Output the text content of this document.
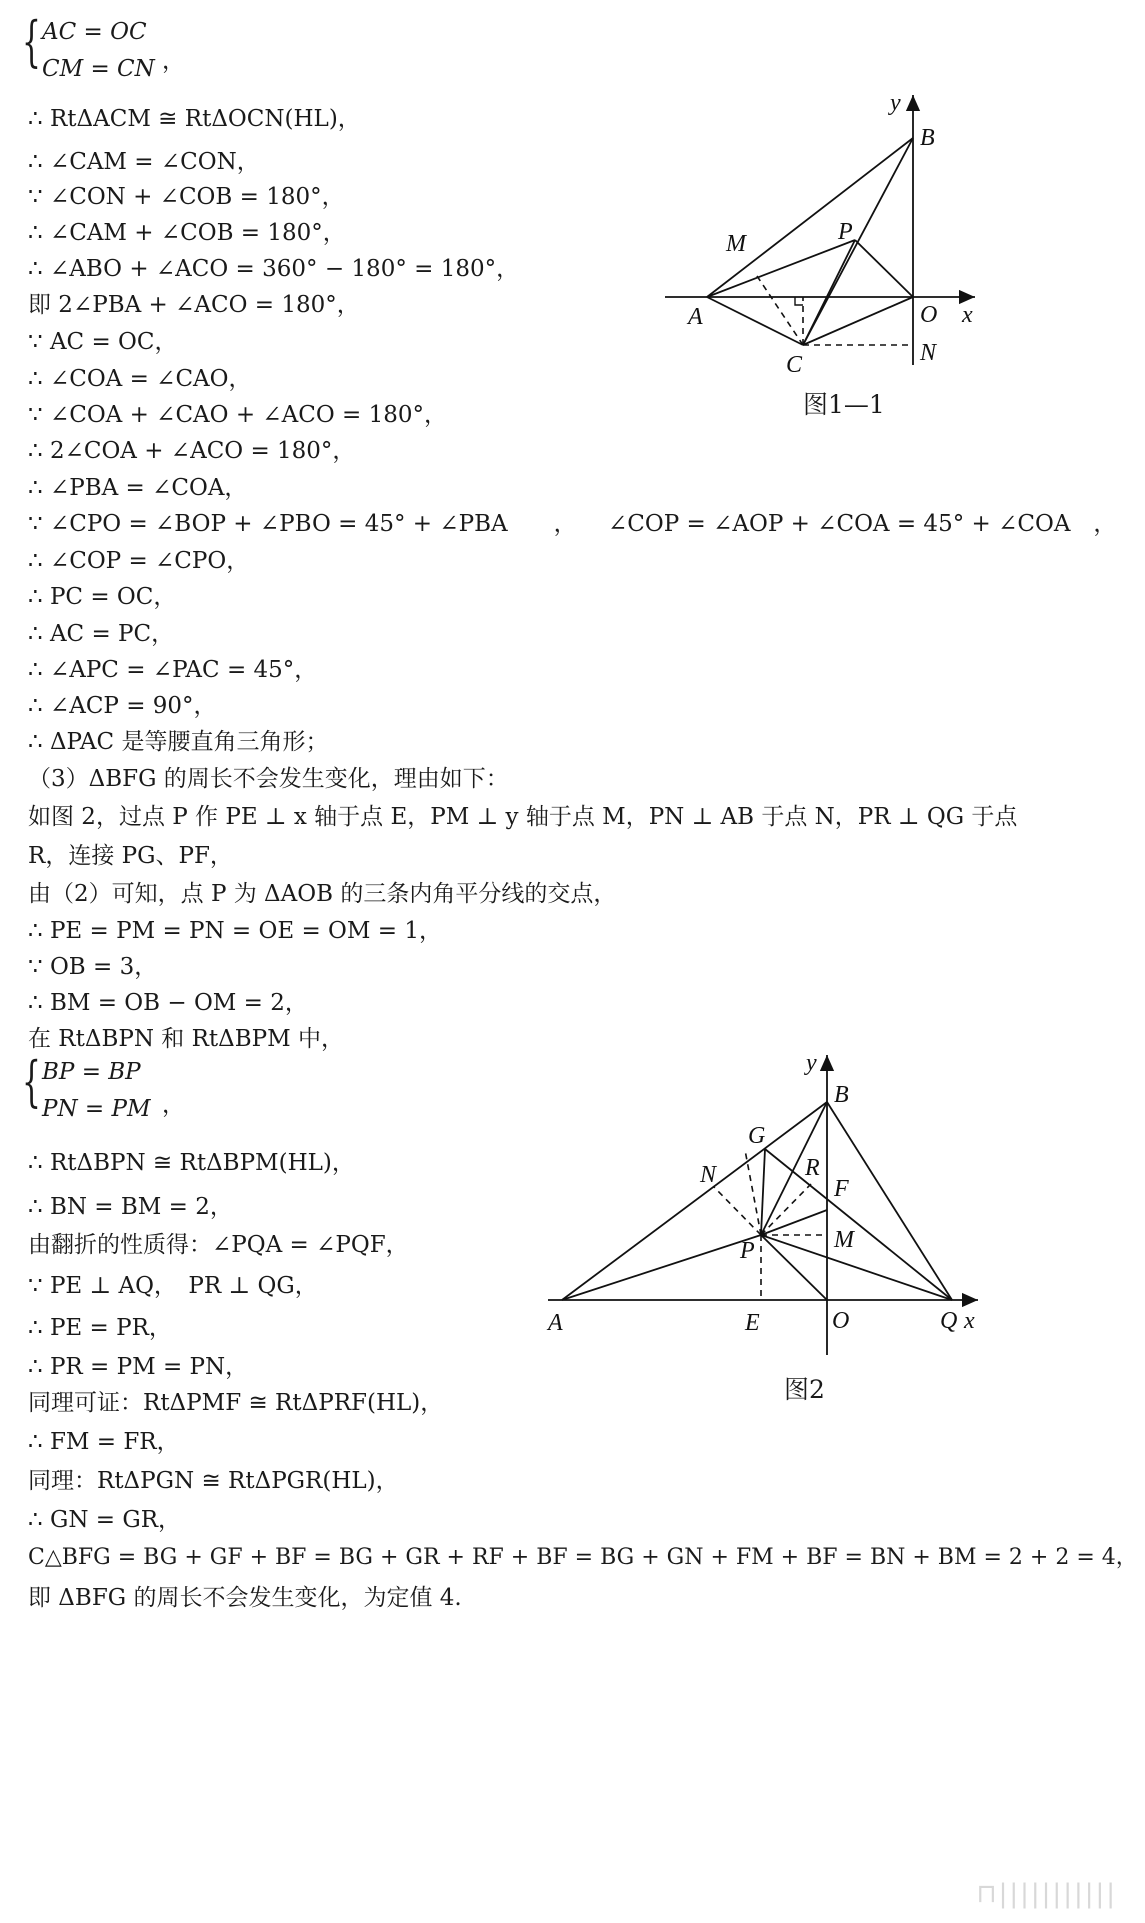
{ AC = OC
CM = CN ，
∴ RtΔACM ≅ RtΔOCN(HL)，
∴ ∠CAM = ∠CON，
∵ ∠CON + ∠COB = 180°，
∴ ∠CAM + ∠COB = 180°，
∴ ∠ABO + ∠ACO = 360° − 180° = 180°，
即 2∠PBA + ∠ACO = 180°，
∵ AC = OC，
∴ ∠COA = ∠CAO，
∵ ∠COA + ∠CAO + ∠ACO = 180°，
∴ 2∠COA + ∠ACO = 180°，
∴ ∠PBA = ∠COA，
∵ ∠CPO = ∠BOP + ∠PBO = 45° + ∠PBA　　， ∠COP = ∠AOP + ∠COA = 45° + ∠COA　，
∴ ∠COP = ∠CPO，
∴ PC = OC，
∴ AC = PC，
∴ ∠APC = ∠PAC = 45°，
∴ ∠ACP = 90°，
∴ ΔPAC 是等腰直角三角形；
（3）ΔBFG 的周长不会发生变化，理由如下：
如图 2，过点 P 作 PE ⊥ x 轴于点 E，PM ⊥ y 轴于点 M，PN ⊥ AB 于点 N，PR ⊥ QG 于点
R，连接 PG、PF，
由（2）可知，点 P 为 ΔAOB 的三条内角平分线的交点，
∴ PE = PM = PN = OE = OM = 1，
∵ OB = 3，
∴ BM = OB − OM = 2，
在 RtΔBPN 和 RtΔBPM 中，
{ BP = BP
PN = PM ，
∴ RtΔBPN ≅ RtΔBPM(HL)，
∴ BN = BM = 2，
由翻折的性质得：∠PQA = ∠PQF，
∵ PE ⊥ AQ，　PR ⊥ QG，
∴ PE = PR，
∴ PR = PM = PN，
同理可证：RtΔPMF ≅ RtΔPRF(HL)，
∴ FM = FR，
同理：RtΔPGN ≅ RtΔPGR(HL)，
∴ GN = GR，
C△BFG = BG + GF + BF = BG + GR + RF + BF = BG + GN + FM + BF = BN + BM = 2 + 2 = 4，
即 ΔBFG 的周长不会发生变化，为定值 4.
y
B
M	P
A	O x
C	N
图1—1
y
B
G
N	R
F
M
P
A	E	O	Q x
图2
⊓|||||||||||
